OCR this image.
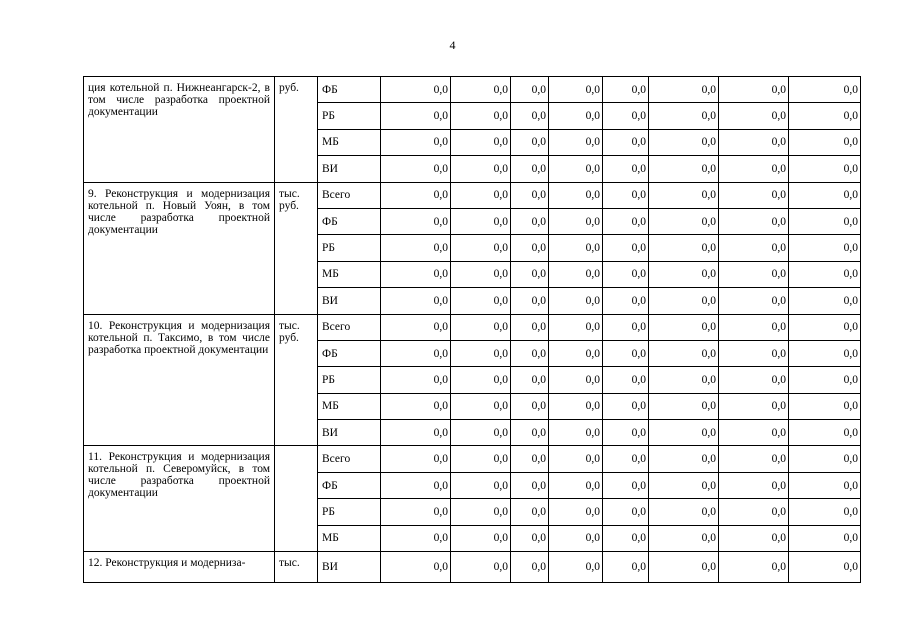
4
ция котельной п. Нижнеангарск-2, в том числе разработка проектной документации	руб.	ФБ	0,0	0,0	0,0	0,0	0,0	0,0	0,0	0,0
		РБ	0,0	0,0	0,0	0,0	0,0	0,0	0,0	0,0
		МБ	0,0	0,0	0,0	0,0	0,0	0,0	0,0	0,0
		ВИ	0,0	0,0	0,0	0,0	0,0	0,0	0,0	0,0
9. Реконструкция и модернизация котельной п. Новый Уоян, в том числе разработка проектной документации	тыс. руб.	Всего	0,0	0,0	0,0	0,0	0,0	0,0	0,0	0,0
		ФБ	0,0	0,0	0,0	0,0	0,0	0,0	0,0	0,0
		РБ	0,0	0,0	0,0	0,0	0,0	0,0	0,0	0,0
		МБ	0,0	0,0	0,0	0,0	0,0	0,0	0,0	0,0
		ВИ	0,0	0,0	0,0	0,0	0,0	0,0	0,0	0,0
10. Реконструкция и модернизация котельной п. Таксимо, в том числе разработка проектной документации	тыс. руб.	Всего	0,0	0,0	0,0	0,0	0,0	0,0	0,0	0,0
		ФБ	0,0	0,0	0,0	0,0	0,0	0,0	0,0	0,0
		РБ	0,0	0,0	0,0	0,0	0,0	0,0	0,0	0,0
		МБ	0,0	0,0	0,0	0,0	0,0	0,0	0,0	0,0
		ВИ	0,0	0,0	0,0	0,0	0,0	0,0	0,0	0,0
11. Реконструкция и модернизация котельной п. Северомуйск, в том числе разработка проектной документации		Всего	0,0	0,0	0,0	0,0	0,0	0,0	0,0	0,0
		ФБ	0,0	0,0	0,0	0,0	0,0	0,0	0,0	0,0
		РБ	0,0	0,0	0,0	0,0	0,0	0,0	0,0	0,0
		МБ	0,0	0,0	0,0	0,0	0,0	0,0	0,0	0,0
12. Реконструкция и модерниза-	тыс.	ВИ	0,0	0,0	0,0	0,0	0,0	0,0	0,0	0,0
